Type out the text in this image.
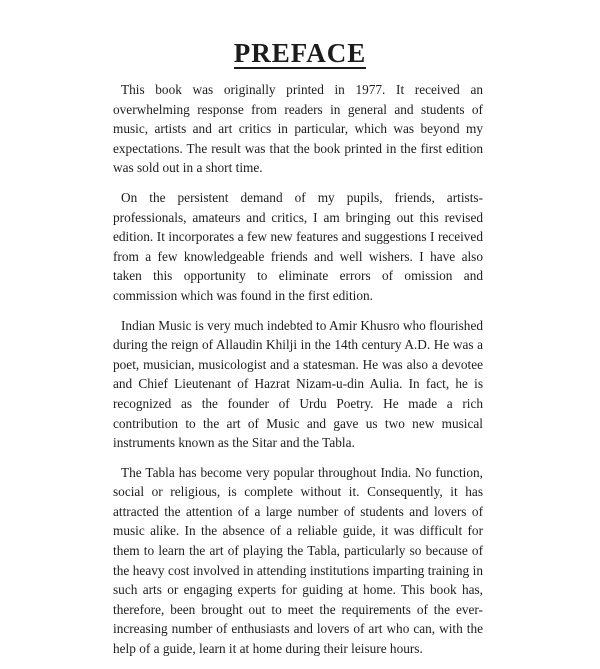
PREFACE

This book was originally printed in 1977. It received an overwhelming response from readers in general and students of music, artists and art critics in particular, which was beyond my expectations. The result was that the book printed in the first edition was sold out in a short time.

On the persistent demand of my pupils, friends, artists-professionals, amateurs and critics, I am bringing out this revised edition. It incorporates a few new features and suggestions I received from a few knowledgeable friends and well wishers. I have also taken this opportunity to eliminate errors of omission and commission which was found in the first edition.

Indian Music is very much indebted to Amir Khusro who flourished during the reign of Allaudin Khilji in the 14th century A.D. He was a poet, musician, musicologist and a statesman. He was also a devotee and Chief Lieutenant of Hazrat Nizam-u-din Aulia. In fact, he is recognized as the founder of Urdu Poetry. He made a rich contribution to the art of Music and gave us two new musical instruments known as the Sitar and the Tabla.

The Tabla has become very popular throughout India. No function, social or religious, is complete without it. Consequently, it has attracted the attention of a large number of students and lovers of music alike. In the absence of a reliable guide, it was difficult for them to learn the art of playing the Tabla, particularly so because of the heavy cost involved in attending institutions imparting training in such arts or engaging experts for guiding at home. This book has, therefore, been brought out to meet the requirements of the ever-increasing number of enthusiasts and lovers of art who can, with the help of a guide, learn it at home during their leisure hours.
